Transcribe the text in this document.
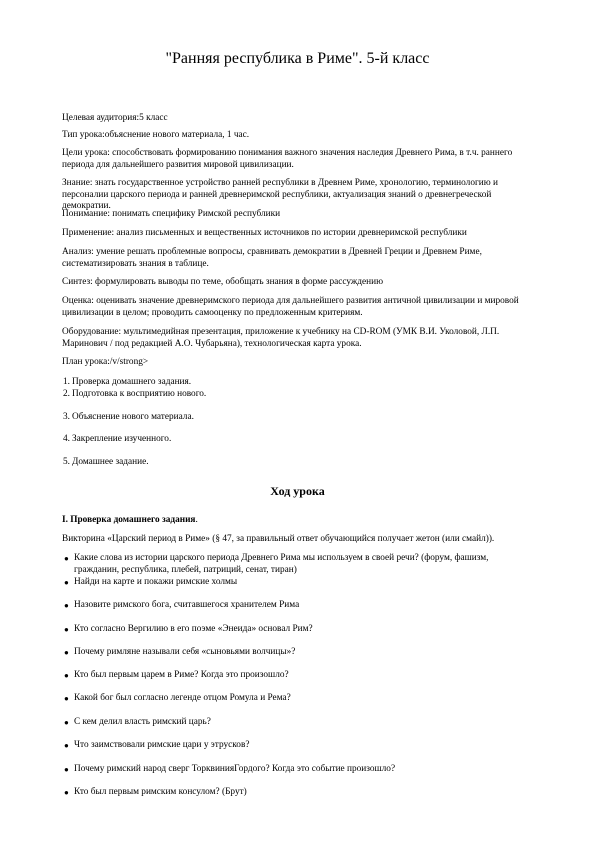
"Ранняя республика в Риме". 5-й класс
Целевая аудитория:5 класс
Тип урока:объяснение нового материала, 1 час.
Цели урока: способствовать формированию понимания важного значения наследия Древнего Рима, в т.ч. раннего периода для дальнейшего развития мировой цивилизации.
Знание: знать государственное устройство ранней республики в Древнем Риме, хронологию, терминологию и персоналии царского периода и ранней древнеримской республики, актуализация знаний о древнегреческой демократии.
Понимание: понимать специфику Римской республики
Применение: анализ письменных и вещественных источников по истории древнеримской республики
Анализ: умение решать проблемные вопросы, сравнивать демократии в Древней Греции и Древнем Риме, систематизировать знания в таблице.
Синтез: формулировать выводы по теме, обобщать знания в форме рассуждению
Оценка: оценивать значение древнеримского периода для дальнейшего развития античной цивилизации и мировой цивилизации в целом; проводить самооценку по предложенным критериям.
Оборудование: мультимедийная презентация, приложение к учебнику на CD-ROM (УМК В.И. Уколовой, Л.П. Маринович / под редакцией А.О. Чубарьяна), технологическая карта урока.
План урока:/v/strong>
1. Проверка домашнего задания.
2. Подготовка к восприятию нового.
3. Объяснение нового материала.
4. Закрепление изученного.
5. Домашнее задание.
Ход урока
I. Проверка домашнего задания.
Викторина «Царский период в Риме» (§ 47, за правильный ответ обучающийся получает жетон (или смайл)).
● Какие слова из истории царского периода Древнего Рима мы используем в своей речи? (форум, фашизм, гражданин, республика, плебей, патриций, сенат, тиран)
● Найди на карте и покажи римские холмы
● Назовите римского бога, считавшегося хранителем Рима
● Кто согласно Вергилию в его поэме «Энеида» основал Рим?
● Почему римляне называли себя «сыновьями волчицы»?
● Кто был первым царем в Риме? Когда это произошло?
● Какой бог был согласно легенде отцом Ромула и Рема?
● С кем делил власть римский царь?
● Что заимствовали римские цари у этрусков?
● Почему римский народ сверг ТорквинияГордого? Когда это событие произошло?
● Кто был первым римским консулом? (Брут)
